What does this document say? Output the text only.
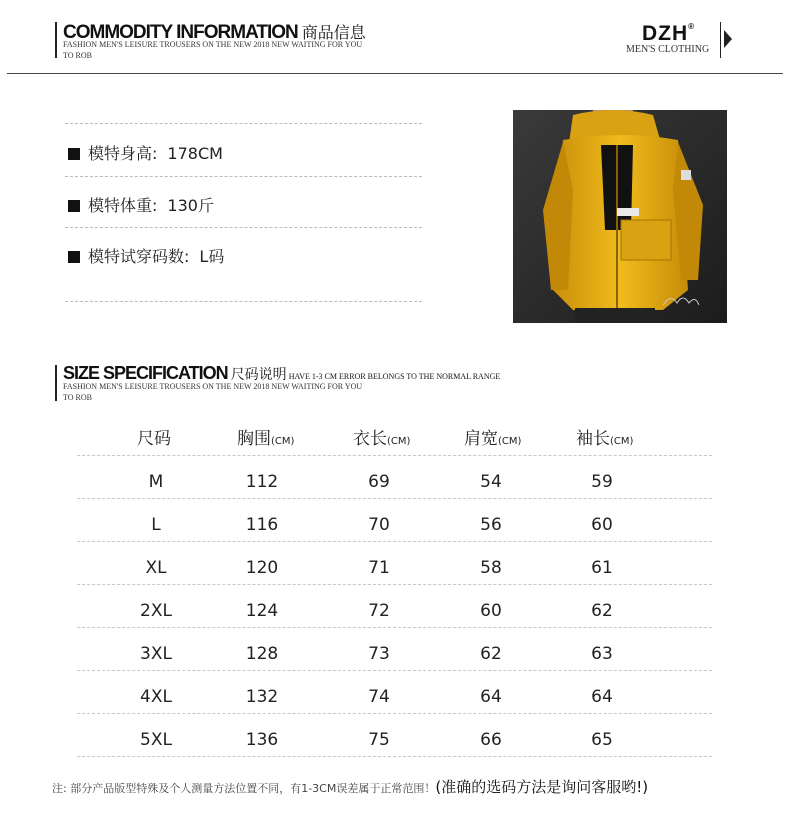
COMMODITY INFORMATION 商品信息
FASHION MEN'S LEISURE TROUSERS ON THE NEW 2018 NEW WAITING FOR YOU TO ROB
DZH®
MEN'S CLOTHING
模特身高: 178CM
模特体重: 130斤
模特试穿码数: L码
SIZE SPECIFICATION 尺码说明 HAVE 1-3 CM ERROR BELONGS TO THE NORMAL RANGE
FASHION MEN'S LEISURE TROUSERS ON THE NEW 2018 NEW WAITING FOR YOU TO ROB
尺码	胸围(CM)	衣长(CM)	肩宽(CM)	袖长(CM)
M	112	69	54	59
L	116	70	56	60
XL	120	71	58	61
2XL	124	72	60	62
3XL	128	73	62	63
4XL	132	74	64	64
5XL	136	75	66	65
注: 部分产品版型特殊及个人测量方法位置不同，有1-3CM误差属于正常范围！(准确的选码方法是询问客服哟!)
